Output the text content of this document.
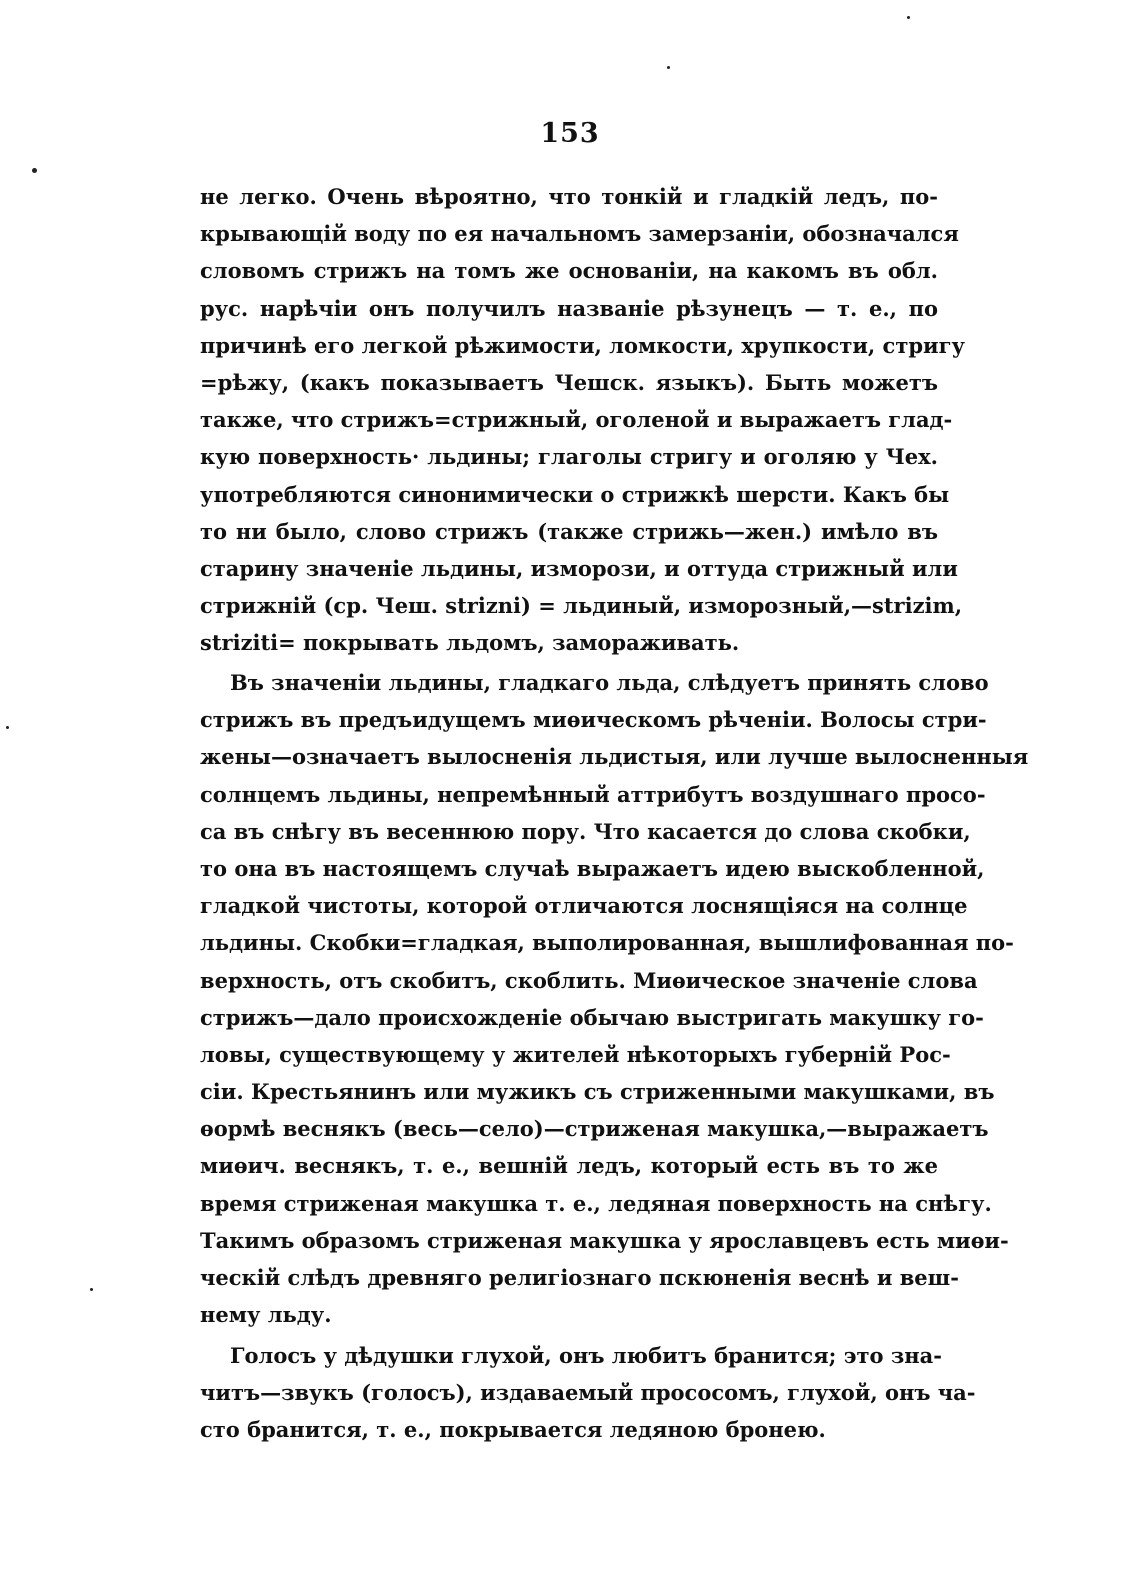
153
не легко. Очень вѣроятно, что тонкій и гладкій ледъ, по-
крывающій воду по ея начальномъ замерзаніи, обозначался
словомъ стрижъ на томъ же основаніи, на какомъ въ обл.
рус. нарѣчіи онъ получилъ названіе рѣзунецъ — т. е., по
причинѣ его легкой рѣжимости, ломкости, хрупкости, стригу
=рѣжу, (какъ показываетъ Чешск. языкъ). Быть можетъ
также, что стрижъ=стрижный, оголеной и выражаетъ глад-
кую поверхность· льдины; глаголы стригу и оголяю у Чех.
употребляются синонимически о стрижкѣ шерсти. Какъ бы
то ни было, слово стрижъ (также стрижь—жен.) имѣло въ
старину значеніе льдины, изморози, и оттуда стрижный или
стрижній (ср. Чеш. strizni) = льдиный, изморозный,—strizim,
striziti= покрывать льдомъ, замораживать.
Въ значеніи льдины, гладкаго льда, слѣдуетъ принять слово
стрижъ въ предъидущемъ миѳическомъ рѣченіи. Волосы стри-
жены—означаетъ вылосненія льдистыя, или лучше вылосненныя
солнцемъ льдины, непремѣнный аттрибутъ воздушнаго просо-
са въ снѣгу въ весеннюю пору. Что касается до слова скобки,
то она въ настоящемъ случаѣ выражаетъ идею выскобленной,
гладкой чистоты, которой отличаются лоснящіяся на солнце
льдины. Скобки=гладкая, выполированная, вышлифованная по-
верхность, отъ скобитъ, скоблить. Миѳическое значеніе слова
стрижъ—дало происхожденіе обычаю выстригать макушку го-
ловы, существующему у жителей нѣкоторыхъ губерній Рос-
сіи. Крестьянинъ или мужикъ съ стриженными макушками, въ
ѳормѣ веснякъ (весь—село)—стриженая макушка,—выражаетъ
миѳич. веснякъ, т. е., вешній ледъ, который есть въ то же
время стриженая макушка т. е., ледяная поверхность на снѣгу.
Такимъ образомъ стриженая макушка у ярославцевъ есть миѳи-
ческій слѣдъ древняго религіознаго пскюненія веснѣ и веш-
нему льду.
Голосъ у дѣдушки глухой, онъ любитъ бранится; это зна-
читъ—звукъ (голосъ), издаваемый прососомъ, глухой, онъ ча-
сто бранится, т. е., покрывается ледяною бронею.
